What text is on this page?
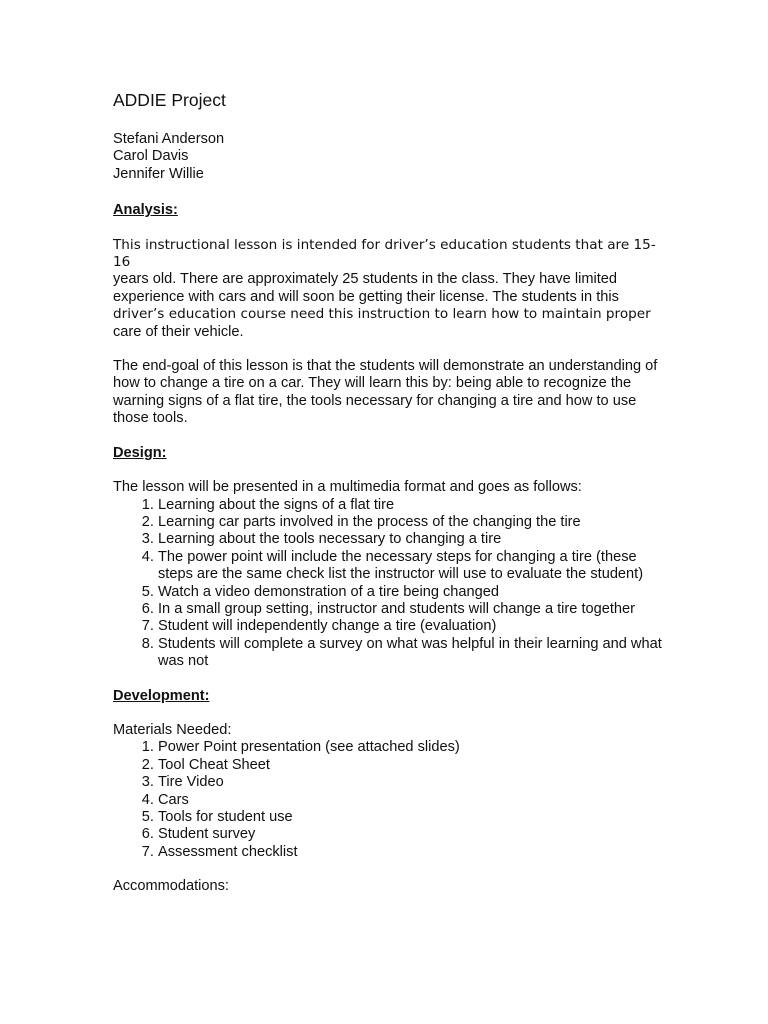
ADDIE Project
Stefani Anderson
Carol Davis
Jennifer Willie
Analysis:
This instructional lesson is intended for driver’s education students that are 15-16
years old. There are approximately 25 students in the class. They have limited
experience with cars and will soon be getting their license. The students in this
driver’s education course need this instruction to learn how to maintain proper
care of their vehicle.
The end-goal of this lesson is that the students will demonstrate an understanding of how to change a tire on a car. They will learn this by: being able to recognize the warning signs of a flat tire, the tools necessary for changing a tire and how to use those tools.
Design:
The lesson will be presented in a multimedia format and goes as follows:
1. Learning about the signs of a flat tire
2. Learning car parts involved in the process of the changing the tire
3. Learning about the tools necessary to changing a tire
4. The power point will include the necessary steps for changing a tire (these steps are the same check list the instructor will use to evaluate the student)
5. Watch a video demonstration of a tire being changed
6. In a small group setting, instructor and students will change a tire together
7. Student will independently change a tire (evaluation)
8. Students will complete a survey on what was helpful in their learning and what was not
Development:
Materials Needed:
1. Power Point presentation (see attached slides)
2. Tool Cheat Sheet
3. Tire Video
4. Cars
5. Tools for student use
6. Student survey
7. Assessment checklist
Accommodations:
